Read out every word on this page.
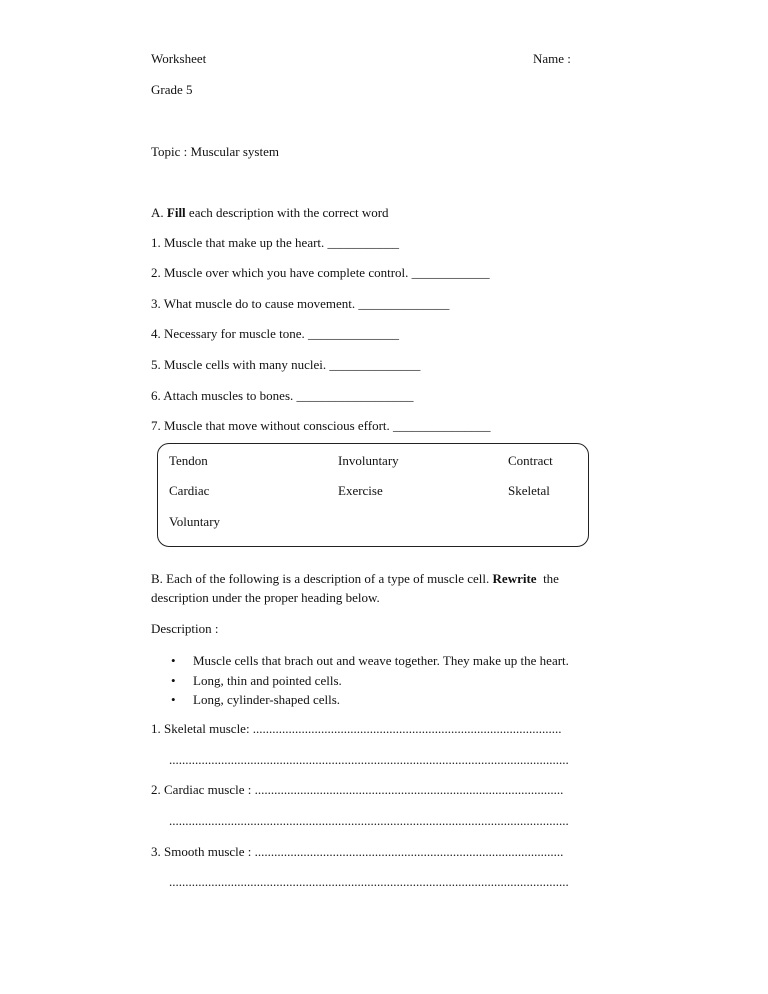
Worksheet	Name :
Grade 5
Topic : Muscular system
A. Fill each description with the correct word
1. Muscle that make up the heart. ___________
2. Muscle over which you have complete control. ____________
3. What muscle do to cause movement. ______________
4. Necessary for muscle tone. ______________
5. Muscle cells with many nuclei. ______________
6. Attach muscles to bones. __________________
7. Muscle that move without conscious effort. _______________
Tendon	Involuntary	Contract
Cardiac	Exercise	Skeletal
Voluntary
B. Each of the following is a description of a type of muscle cell. Rewrite  the
description under the proper heading below.
Description :
• Muscle cells that brach out and weave together. They make up the heart.
• Long, thin and pointed cells.
• Long, cylinder-shaped cells.
1. Skeletal muscle: ...............................................................................................
...........................................................................................................................
2. Cardiac muscle : ...............................................................................................
...........................................................................................................................
3. Smooth muscle : ...............................................................................................
...........................................................................................................................
